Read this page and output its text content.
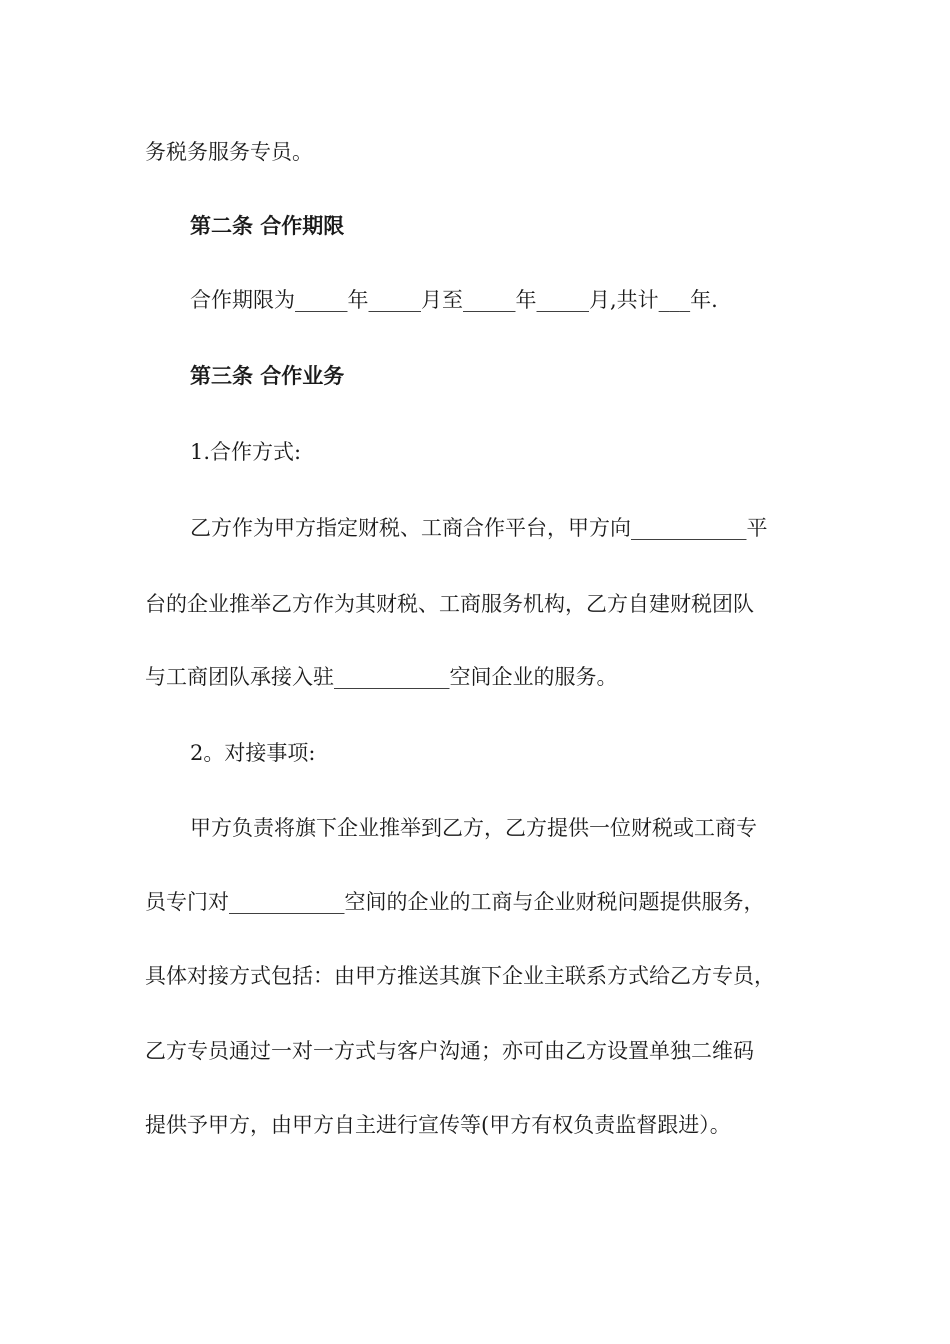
务税务服务专员。
第二条 合作期限
合作期限为_____年_____月至_____年_____月,共计___年.
第三条 合作业务
1.合作方式:
乙方作为甲方指定财税、工商合作平台，甲方向___________平
台的企业推举乙方作为其财税、工商服务机构，乙方自建财税团队
与工商团队承接入驻___________空间企业的服务。
2。对接事项:
甲方负责将旗下企业推举到乙方，乙方提供一位财税或工商专
员专门对___________空间的企业的工商与企业财税问题提供服务，
具体对接方式包括：由甲方推送其旗下企业主联系方式给乙方专员，
乙方专员通过一对一方式与客户沟通；亦可由乙方设置单独二维码
提供予甲方，由甲方自主进行宣传等(甲方有权负责监督跟进）。
